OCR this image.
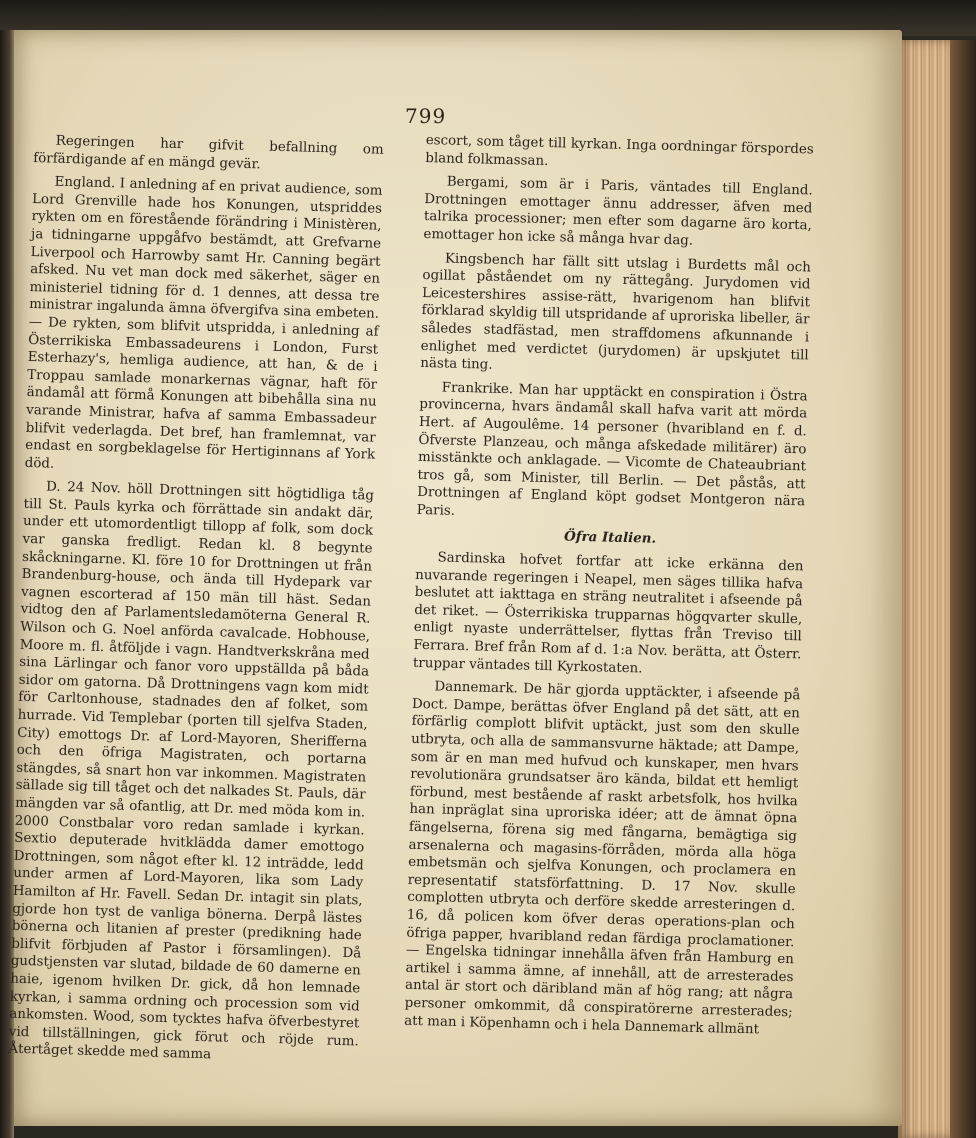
799

Regeringen har gifvit befallning om förfärdigande af en mängd gevär.

England. I anledning af en privat audience, som Lord Grenville hade hos Konungen, utspriddes rykten om en förestående förändring i Ministèren, ja tidningarne uppgåfvo bestämdt, att Grefvarne Liverpool och Harrowby samt Hr. Canning begärt afsked. Nu vet man dock med säkerhet, säger en ministeriel tidning för d. 1 dennes, att dessa tre ministrar ingalunda ämna öfvergifva sina embeten. — De rykten, som blifvit utspridda, i anledning af Österrikiska Embassadeurens i London, Furst Esterhazy's, hemliga audience, att han, & de i Troppau samlade monarkernas vägnar, haft för ändamål att förmå Konungen att bibehålla sina nu varande Ministrar, hafva af samma Embassadeur blifvit vederlagda. Det bref, han framlemnat, var endast en sorgbeklagelse för Hertiginnans af York död.

D. 24 Nov. höll Drottningen sitt högtidliga tåg till St. Pauls kyrka och förrättade sin andakt där, under ett utomordentligt tillopp af folk, som dock var ganska fredligt. Redan kl. 8 begynte skåckningarne. Kl. före 10 for Drottningen ut från Brandenburg-house, och ända till Hydepark var vagnen escorterad af 150 män till häst. Sedan vidtog den af Parlamentsledamöterna General R. Wilson och G. Noel anförda cavalcade. Hobhouse, Moore m. fl. åtföljde i vagn. Handtverkskråna med sina Lärlingar och fanor voro uppställda på båda sidor om gatorna. Då Drottningens vagn kom midt för Carltonhouse, stadnades den af folket, som hurrade. Vid Templebar (porten till sjelfva Staden, City) emottogs Dr. af Lord-Mayoren, Sheriffernа och den öfriga Magistraten, och portarna stängdes, så snart hon var inkommen. Magistraten sällade sig till tåget och det nalkades St. Pauls, där mängden var så ofantlig, att Dr. med möda kom in. 2000 Constbalar voro redan samlade i kyrkan. Sextio deputerade hvitklädda damer emottogo Drottningen, som något efter kl. 12 inträdde, ledd under armen af Lord-Mayoren, lika som Lady Hamilton af Hr. Favell. Sedan Dr. intagit sin plats, gjorde hon tyst de vanliga bönerna. Derpå lästes bönerna och litanien af prester (predikning hade blifvit förbjuden af Pastor i församlingen). Då gudstjensten var slutad, bildade de 60 damerne en haie, igenom hvilken Dr. gick, då hon lemnade kyrkan, i samma ordning och procession som vid ankomsten. Wood, som tycktes hafva öfverbestyret vid tillställningen, gick förut och röjde rum. Återtåget skedde med samma

escort, som tåget till kyrkan. Inga oordningar förspordes bland folkmassan.

Bergami, som är i Paris, väntades till England. Drottningen emottager ännu addresser, äfven med talrika processioner; men efter som dagarne äro korta, emottager hon icke så många hvar dag.

Kingsbench har fällt sitt utslag i Burdetts mål och ogillat påståendet om ny rättegång. Jurydomen vid Leicestershires assise-rätt, hvarigenom han blifvit förklarad skyldig till utspridande af uproriska libeller, är således stadfästad, men straffdomens afkunnande i enlighet med verdictet (jurydomen) är upskjutet till nästa ting.

Frankrike. Man har upptäckt en conspiration i Östra provincerna, hvars ändamål skall hafva varit att mörda Hert. af Augoulême. 14 personer (hvaribland en f. d. Öfverste Planzeau, och många afskedade militärer) äro misstänkte och anklagade. — Vicomte de Chateaubriant tros gå, som Minister, till Berlin. — Det påstås, att Drottningen af England köpt godset Montgeron nära Paris.

Öfra Italien.

Sardinska hofvet fortfar att icke erkänna den nuvarande regeringen i Neapel, men säges tillika hafva beslutet att iakttaga en sträng neutralitet i afseende på det riket. — Österrikiska trupparnas högqvarter skulle, enligt nyaste underrättelser, flyttas från Treviso till Ferrara. Bref från Rom af d. 1:a Nov. berätta, att Österr. truppar väntades till Kyrkostaten.

Dannemark. De här gjorda upptäckter, i afseende på Doct. Dampe, berättas öfver England på det sätt, att en förfärlig complott blifvit uptäckt, just som den skulle utbryta, och alla de sammansvurne häktade; att Dampe, som är en man med hufvud och kunskaper, men hvars revolutionära grundsatser äro kända, bildat ett hemligt förbund, mest bestående af raskt arbetsfolk, hos hvilka han inpräglat sina uproriska idéer; att de ämnat öpna fängelserna, förena sig med fångarna, bemägtiga sig arsenalerna och magasins-förråden, mörda alla höga embetsmän och sjelfva Konungen, och proclamera en representatif statsförfattning. D. 17 Nov. skulle complotten utbryta och derföre skedde arresteringen d. 16, då policen kom öfver deras operations-plan och öfriga papper, hvaribland redan färdiga proclamationer. — Engelska tidningar innehålla äfven från Hamburg en artikel i samma ämne, af innehåll, att de arresterades antal är stort och däribland män af hög rang; att några personer omkommit, då conspiratörerne arresterades; att man i Köpenhamn och i hela Dannemark allmänt
